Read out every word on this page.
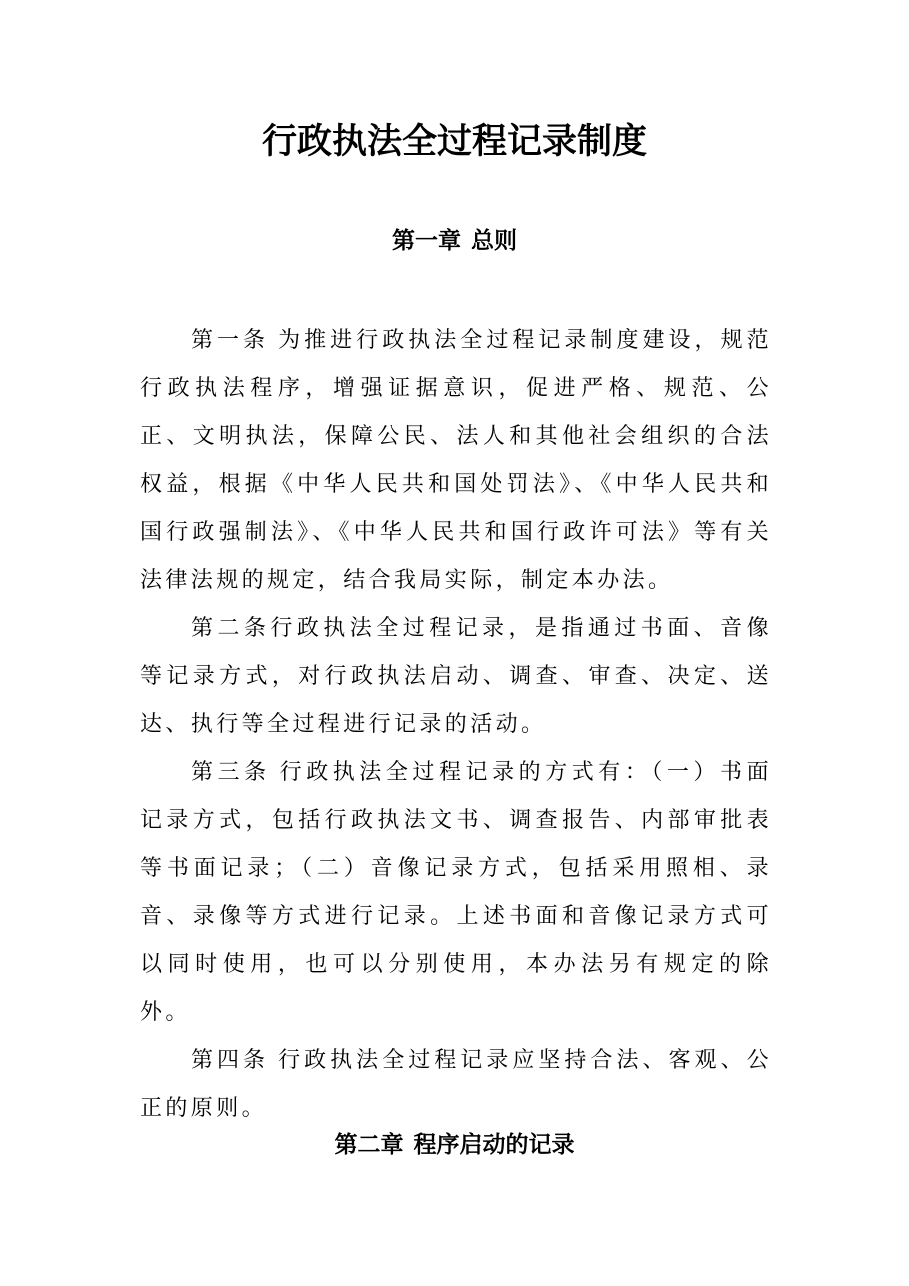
行政执法全过程记录制度
第一章 总则

第一条 为推进行政执法全过程记录制度建设，规范行政执法程序，增强证据意识，促进严格、规范、公正、文明执法，保障公民、法人和其他社会组织的合法权益，根据《中华人民共和国处罚法》、《中华人民共和国行政强制法》、《中华人民共和国行政许可法》等有关法律法规的规定，结合我局实际，制定本办法。

第二条行政执法全过程记录，是指通过书面、音像等记录方式，对行政执法启动、调查、审查、决定、送达、执行等全过程进行记录的活动。

第三条 行政执法全过程记录的方式有：（一）书面记录方式，包括行政执法文书、调查报告、内部审批表等书面记录；（二）音像记录方式，包括采用照相、录音、录像等方式进行记录。上述书面和音像记录方式可以同时使用，也可以分别使用，本办法另有规定的除外。

第四条 行政执法全过程记录应坚持合法、客观、公正的原则。

第二章 程序启动的记录
